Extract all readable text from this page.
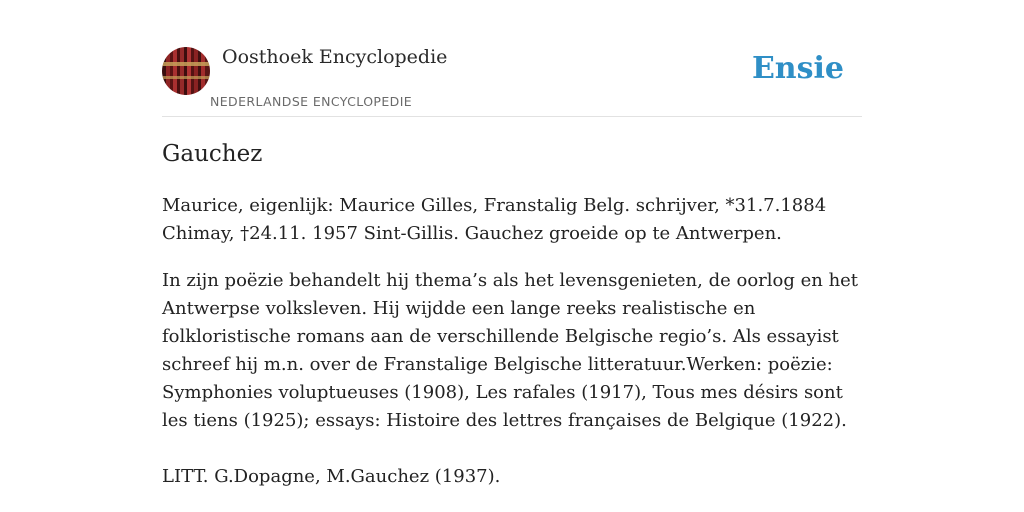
Oosthoek Encyclopedie
NEDERLANDSE ENCYCLOPEDIE
Ensie
Gauchez

Maurice, eigenlijk: Maurice Gilles, Franstalig Belg. schrijver, *31.7.1884 Chimay, †24.11. 1957 Sint-Gillis. Gauchez groeide op te Antwerpen.

In zijn poëzie behandelt hij thema’s als het levensgenieten, de oorlog en het Antwerpse volksleven. Hij wijdde een lange reeks realistische en folkloristische romans aan de verschillende Belgische regio’s. Als essayist schreef hij m.n. over de Franstalige Belgische litteratuur.Werken: poëzie: Symphonies voluptueuses (1908), Les rafales (1917), Tous mes désirs sont les tiens (1925); essays: Histoire des lettres françaises de Belgique (1922).

LITT. G.Dopagne, M.Gauchez (1937).
